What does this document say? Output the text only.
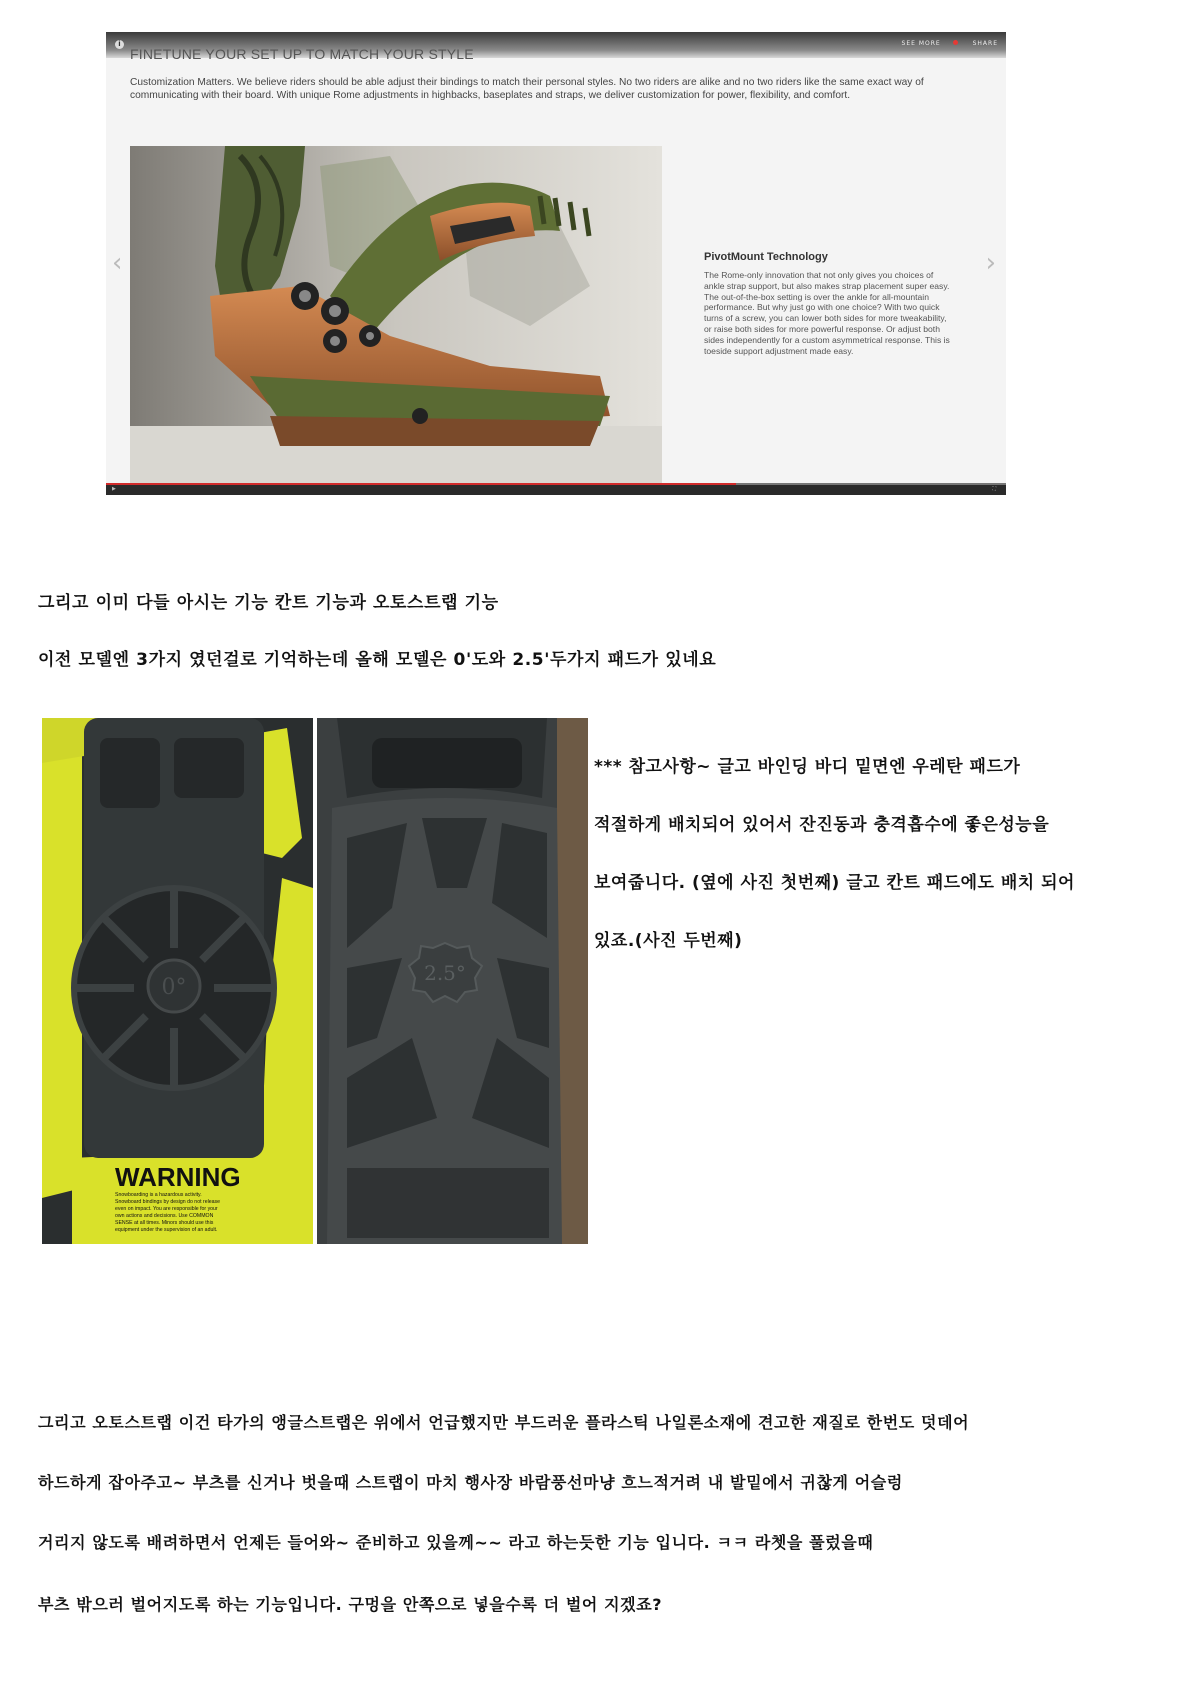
i	SEE MORE	SHARE
FINETUNE YOUR SET UP TO MATCH YOUR STYLE
Customization Matters. We believe riders should be able adjust their bindings to match their personal styles. No two riders are alike and no two riders like the same exact way of communicating with their board. With unique Rome adjustments in highbacks, baseplates and straps, we deliver customization for power, flexibility, and comfort.
‹	›
PivotMount Technology
The Rome-only innovation that not only gives you choices of ankle strap support, but also makes strap placement super easy. The out-of-the-box setting is over the ankle for all-mountain performance. But why just go with one choice? With two quick turns of a screw, you can lower both sides for more tweakability, or raise both sides for more powerful response. Or adjust both sides independently for a custom asymmetrical response. This is toeside support adjustment made easy.
▶	⛶
그리고 이미 다들 아시는 기능 칸트 기능과 오토스트랩 기능
이전 모델엔 3가지 였던걸로 기억하는데 올해 모델은 0'도와 2.5'두가지 패드가 있네요
0°
WARNING
Snowboarding is a hazardous activity.
Snowboard bindings by design do not release
even on impact. You are responsible for your
own actions and decisions. Use COMMON
SENSE at all times. Minors should use this
equipment under the supervision of an adult.
2.5°
*** 참고사항~ 글고 바인딩 바디 밑면엔 우레탄 패드가
적절하게 배치되어 있어서 잔진동과 충격흡수에 좋은성능을
보여줍니다. (옆에 사진 첫번째) 글고 칸트 패드에도 배치 되어
있죠.(사진 두번째)
그리고 오토스트랩 이건 타가의 앵글스트랩은 위에서 언급했지만 부드러운 플라스틱 나일론소재에 견고한 재질로 한번도 덧데어
하드하게 잡아주고~ 부츠를 신거나 벗을때 스트랩이 마치 행사장 바람풍선마냥 흐느적거려 내 발밑에서 귀찮게 어슬렁
거리지 않도록 배려하면서 언제든 들어와~ 준비하고 있을께~~ 라고 하는듯한 기능 입니다. ㅋㅋ 라쳇을 풀렀을때
부츠 밖으러 벌어지도록 하는 기능입니다. 구멍을 안쪽으로 넣을수록 더 벌어 지겠죠?
